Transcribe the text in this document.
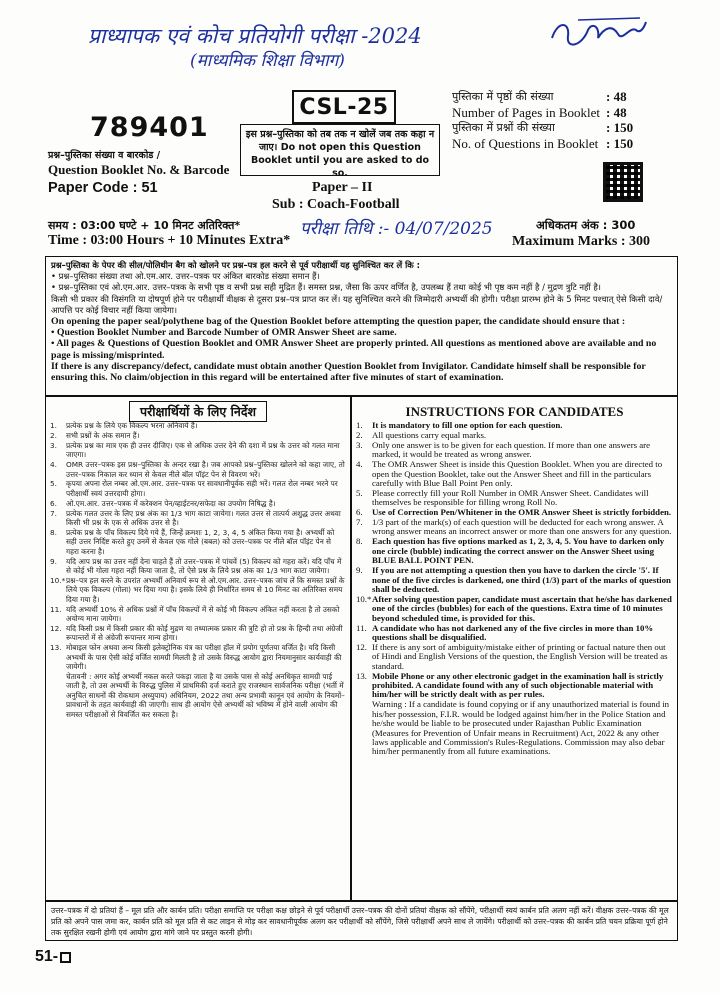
प्राध्यापक एवं कोच प्रतियोगी परीक्षा -2024
(माध्यमिक शिक्षा विभाग)
CSL-25
789401
प्रश्न–पुस्तिका संख्या व बारकोड /
Question Booklet No. & Barcode
Paper Code : 51
इस प्रश्न–पुस्तिका को तब तक न खोलें जब तक कहा न जाए। Do not open this Question Booklet until you are asked to do so.
पुस्तिका में पृष्ठों की संख्या	: 48
Number of Pages in Booklet : 48
पुस्तिका में प्रश्नों की संख्या	: 150
No. of Questions in Booklet : 150
Paper – II
Sub : Coach-Football
परीक्षा तिथि :- 04/07/2025
समय : 03:00 घण्टे + 10 मिनट अतिरिक्त*
Time : 03:00 Hours + 10 Minutes Extra*
अधिकतम अंक : 300
Maximum Marks : 300
प्रश्न–पुस्तिका के पेपर की सील/पोलिथीन बैग को खोलने पर प्रश्न–पत्र हल करने से पूर्व परीक्षार्थी यह सुनिश्चित कर लें कि :
• प्रश्न–पुस्तिका संख्या तथा ओ.एम.आर. उत्तर–पत्रक पर अंकित बारकोड संख्या समान हैं।
• प्रश्न–पुस्तिका एवं ओ.एम.आर. उत्तर–पत्रक के सभी पृष्ठ व सभी प्रश्न सही मुद्रित हैं। समस्त प्रश्न, जैसा कि ऊपर वर्णित है, उपलब्ध हैं तथा कोई भी पृष्ठ कम नहीं है / मुद्रण त्रुटि नहीं है।
किसी भी प्रकार की विसंगति या दोषपूर्ण होने पर परीक्षार्थी वीक्षक से दूसरा प्रश्न–पत्र प्राप्त कर लें। यह सुनिश्चित करने की जिम्मेदारी अभ्यर्थी की होगी। परीक्षा प्रारम्भ होने के 5 मिनट पश्चात् ऐसे किसी दावे/आपत्ति पर कोई विचार नहीं किया जायेगा।
On opening the paper seal/polythene bag of the Question Booklet before attempting the question paper, the candidate should ensure that :
• Question Booklet Number and Barcode Number of OMR Answer Sheet are same.
• All pages & Questions of Question Booklet and OMR Answer Sheet are properly printed. All questions as mentioned above are available and no page is missing/misprinted.
If there is any discrepancy/defect, candidate must obtain another Question Booklet from Invigilator. Candidate himself shall be responsible for ensuring this. No claim/objection in this regard will be entertained after five minutes of start of examination.
परीक्षार्थियों के लिए निर्देश
1.	प्रत्येक प्रश्न के लिये एक विकल्प भरना अनिवार्य है।
2.	सभी प्रश्नों के अंक समान हैं।
3.	प्रत्येक प्रश्न का मात्र एक ही उत्तर दीजिए। एक से अधिक उत्तर देने की दशा में प्रश्न के उत्तर को गलत माना जाएगा।
4.	OMR उत्तर–पत्रक इस प्रश्न–पुस्तिका के अन्दर रखा है। जब आपको प्रश्न–पुस्तिका खोलने को कहा जाए, तो उत्तर–पत्रक निकाल कर ध्यान से केवल नीले बॉल पॉइंट पेन से विवरण भरें।
5.	कृपया अपना रोल नम्बर ओ.एम.आर. उत्तर–पत्रक पर सावधानीपूर्वक सही भरें। गलत रोल नम्बर भरने पर परीक्षार्थी स्वयं उत्तरदायी होगा।
6.	ओ.एम.आर. उत्तर–पत्रक में करेक्शन पेन/व्हाईटनर/सफेदा का उपयोग निषिद्ध है।
7.	प्रत्येक गलत उत्तर के लिए प्रश्न अंक का 1/3 भाग काटा जायेगा। गलत उत्तर से तात्पर्य अशुद्ध उत्तर अथवा किसी भी प्रश्न के एक से अधिक उत्तर से है।
8.	प्रत्येक प्रश्न के पाँच विकल्प दिये गये हैं, जिन्हें क्रमशः 1, 2, 3, 4, 5 अंकित किया गया है। अभ्यर्थी को सही उत्तर निर्दिष्ट करते हुए उनमें से केवल एक गोले (बबल) को उत्तर–पत्रक पर नीले बॉल पॉइंट पेन से गहरा करना है।
9.	यदि आप प्रश्न का उत्तर नहीं देना चाहते हैं तो उत्तर–पत्रक में पांचवें (5) विकल्प को गहरा करें। यदि पाँच में से कोई भी गोला गहरा नहीं किया जाता है, तो ऐसे प्रश्न के लिये प्रश्न अंक का 1/3 भाग काटा जायेगा।
10.* प्रश्न–पत्र हल करने के उपरांत अभ्यर्थी अनिवार्य रूप से ओ.एम.आर. उत्तर–पत्रक जांच लें कि समस्त प्रश्नों के लिये एक विकल्प (गोला) भर दिया गया है। इसके लिये ही निर्धारित समय से 10 मिनट का अतिरिक्त समय दिया गया है।
11. यदि अभ्यर्थी 10% से अधिक प्रश्नों में पाँच विकल्पों में से कोई भी विकल्प अंकित नहीं करता है तो उसको अयोग्य माना जायेगा।
12. यदि किसी प्रश्न में किसी प्रकार की कोई मुद्रण या तथ्यात्मक प्रकार की त्रुटि हो तो प्रश्न के हिन्दी तथा अंग्रेजी रूपान्तरों में से अंग्रेजी रूपान्तर मान्य होगा।
13. मोबाइल फोन अथवा अन्य किसी इलेक्ट्रोनिक यंत्र का परीक्षा हॉल में प्रयोग पूर्णतया वर्जित है। यदि किसी अभ्यर्थी के पास ऐसी कोई वर्जित सामग्री मिलती है तो उसके विरुद्ध आयोग द्वारा नियमानुसार कार्यवाही की जायेगी।
चेतावनी : अगर कोई अभ्यर्थी नकल करते पकड़ा जाता है या उसके पास से कोई अनधिकृत सामग्री पाई जाती है, तो उस अभ्यर्थी के विरुद्ध पुलिस में प्राथमिकी दर्ज कराते हुए राजस्थान सार्वजनिक परीक्षा (भर्ती में अनुचित साधनों की रोकथाम अध्युपाय) अधिनियम, 2022 तथा अन्य प्रभावी कानून एवं आयोग के नियमों–प्रावधानों के तहत कार्यवाही की जाएगी। साथ ही आयोग ऐसे अभ्यर्थी को भविष्य में होने वाली आयोग की समस्त परीक्षाओं से विवर्जित कर सकता है।
INSTRUCTIONS FOR CANDIDATES
1.	It is mandatory to fill one option for each question.
2.	All questions carry equal marks.
3.	Only one answer is to be given for each question. If more than one answers are marked, it would be treated as wrong answer.
4.	The OMR Answer Sheet is inside this Question Booklet. When you are directed to open the Question Booklet, take out the Answer Sheet and fill in the particulars carefully with Blue Ball Point Pen only.
5.	Please correctly fill your Roll Number in OMR Answer Sheet. Candidates will themselves be responsible for filling wrong Roll No.
6.	Use of Correction Pen/Whitener in the OMR Answer Sheet is strictly forbidden.
7.	1/3 part of the mark(s) of each question will be deducted for each wrong answer. A wrong answer means an incorrect answer or more than one answers for any question.
8.	Each question has five options marked as 1, 2, 3, 4, 5. You have to darken only one circle (bubble) indicating the correct answer on the Answer Sheet using BLUE BALL POINT PEN.
9.	If you are not attempting a question then you have to darken the circle '5'. If none of the five circles is darkened, one third (1/3) part of the marks of question shall be deducted.
10.* After solving question paper, candidate must ascertain that he/she has darkened one of the circles (bubbles) for each of the questions. Extra time of 10 minutes beyond scheduled time, is provided for this.
11. A candidate who has not darkened any of the five circles in more than 10% questions shall be disqualified.
12. If there is any sort of ambiguity/mistake either of printing or factual nature then out of Hindi and English Versions of the question, the English Version will be treated as standard.
13. Mobile Phone or any other electronic gadget in the examination hall is strictly prohibited. A candidate found with any of such objectionable material with him/her will be strictly dealt with as per rules.
Warning : If a candidate is found copying or if any unauthorized material is found in his/her possession, F.I.R. would be lodged against him/her in the Police Station and he/she would be liable to be prosecuted under Rajasthan Public Examination (Measures for Prevention of Unfair means in Recruitment) Act, 2022 & any other laws applicable and Commission's Rules-Regulations. Commission may also debar him/her permanently from all future examinations.
उत्तर–पत्रक में दो प्रतियां हैं – मूल प्रति और कार्बन प्रति। परीक्षा समाप्ति पर परीक्षा कक्ष छोड़ने से पूर्व परीक्षार्थी उत्तर–पत्रक की दोनों प्रतियां वीक्षक को सौंपेंगे, परीक्षार्थी स्वयं कार्बन प्रति अलग नहीं करें। वीक्षक उत्तर–पत्रक की मूल प्रति को अपने पास जमा कर, कार्बन प्रति को मूल प्रति से कट लाइन से मोड़ कर सावधानीपूर्वक अलग कर परीक्षार्थी को सौंपेंगे, जिसे परीक्षार्थी अपने साथ ले जायेंगे। परीक्षार्थी को उत्तर–पत्रक की कार्बन प्रति चयन प्रक्रिया पूर्ण होने तक सुरक्षित रखनी होगी एवं आयोग द्वारा मांगे जाने पर प्रस्तुत करनी होगी।
51-
